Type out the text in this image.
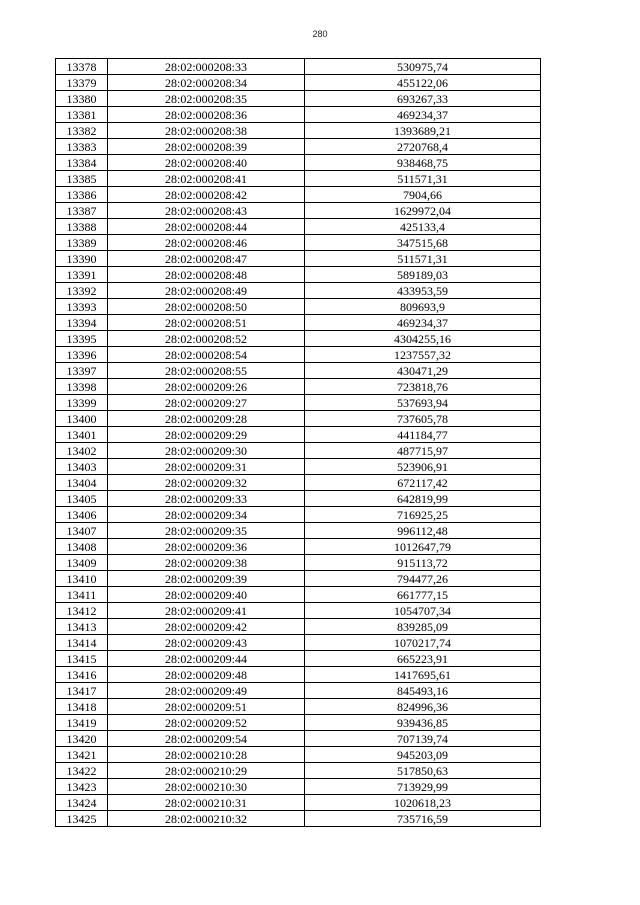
280
13378	28:02:000208:33	530975,74
13379	28:02:000208:34	455122,06
13380	28:02:000208:35	693267,33
13381	28:02:000208:36	469234,37
13382	28:02:000208:38	1393689,21
13383	28:02:000208:39	2720768,4
13384	28:02:000208:40	938468,75
13385	28:02:000208:41	511571,31
13386	28:02:000208:42	7904,66
13387	28:02:000208:43	1629972,04
13388	28:02:000208:44	425133,4
13389	28:02:000208:46	347515,68
13390	28:02:000208:47	511571,31
13391	28:02:000208:48	589189,03
13392	28:02:000208:49	433953,59
13393	28:02:000208:50	809693,9
13394	28:02:000208:51	469234,37
13395	28:02:000208:52	4304255,16
13396	28:02:000208:54	1237557,32
13397	28:02:000208:55	430471,29
13398	28:02:000209:26	723818,76
13399	28:02:000209:27	537693,94
13400	28:02:000209:28	737605,78
13401	28:02:000209:29	441184,77
13402	28:02:000209:30	487715,97
13403	28:02:000209:31	523906,91
13404	28:02:000209:32	672117,42
13405	28:02:000209:33	642819,99
13406	28:02:000209:34	716925,25
13407	28:02:000209:35	996112,48
13408	28:02:000209:36	1012647,79
13409	28:02:000209:38	915113,72
13410	28:02:000209:39	794477,26
13411	28:02:000209:40	661777,15
13412	28:02:000209:41	1054707,34
13413	28:02:000209:42	839285,09
13414	28:02:000209:43	1070217,74
13415	28:02:000209:44	665223,91
13416	28:02:000209:48	1417695,61
13417	28:02:000209:49	845493,16
13418	28:02:000209:51	824996,36
13419	28:02:000209:52	939436,85
13420	28:02:000209:54	707139,74
13421	28:02:000210:28	945203,09
13422	28:02:000210:29	517850,63
13423	28:02:000210:30	713929,99
13424	28:02:000210:31	1020618,23
13425	28:02:000210:32	735716,59
